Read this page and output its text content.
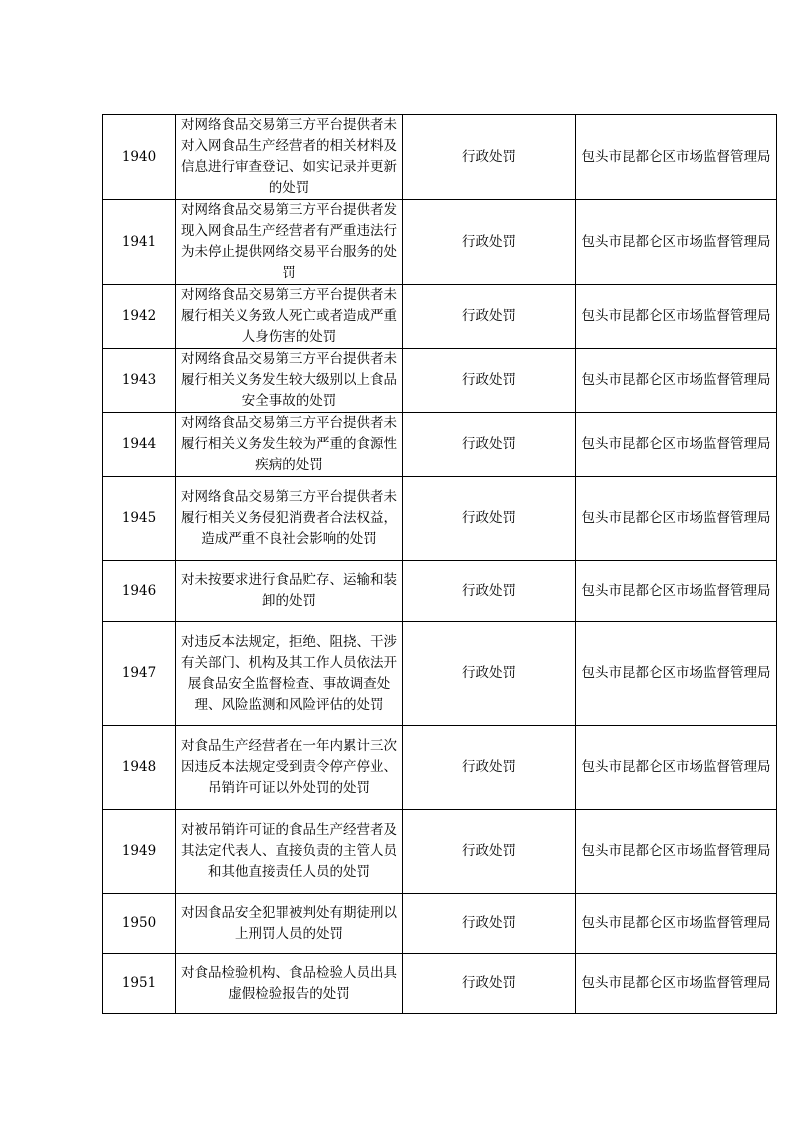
1940	对网络食品交易第三方平台提供者未对入网食品生产经营者的相关材料及信息进行审查登记、如实记录并更新的处罚	行政处罚	包头市昆都仑区市场监督管理局
1941	对网络食品交易第三方平台提供者发现入网食品生产经营者有严重违法行为未停止提供网络交易平台服务的处罚	行政处罚	包头市昆都仑区市场监督管理局
1942	对网络食品交易第三方平台提供者未履行相关义务致人死亡或者造成严重人身伤害的处罚	行政处罚	包头市昆都仑区市场监督管理局
1943	对网络食品交易第三方平台提供者未履行相关义务发生较大级别以上食品安全事故的处罚	行政处罚	包头市昆都仑区市场监督管理局
1944	对网络食品交易第三方平台提供者未履行相关义务发生较为严重的食源性疾病的处罚	行政处罚	包头市昆都仑区市场监督管理局
1945	对网络食品交易第三方平台提供者未履行相关义务侵犯消费者合法权益，造成严重不良社会影响的处罚	行政处罚	包头市昆都仑区市场监督管理局
1946	对未按要求进行食品贮存、运输和装卸的处罚	行政处罚	包头市昆都仑区市场监督管理局
1947	对违反本法规定，拒绝、阻挠、干涉有关部门、机构及其工作人员依法开展食品安全监督检查、事故调查处理、风险监测和风险评估的处罚	行政处罚	包头市昆都仑区市场监督管理局
1948	对食品生产经营者在一年内累计三次因违反本法规定受到责令停产停业、吊销许可证以外处罚的处罚	行政处罚	包头市昆都仑区市场监督管理局
1949	对被吊销许可证的食品生产经营者及其法定代表人、直接负责的主管人员和其他直接责任人员的处罚	行政处罚	包头市昆都仑区市场监督管理局
1950	对因食品安全犯罪被判处有期徒刑以上刑罚人员的处罚	行政处罚	包头市昆都仑区市场监督管理局
1951	对食品检验机构、食品检验人员出具虚假检验报告的处罚	行政处罚	包头市昆都仑区市场监督管理局
